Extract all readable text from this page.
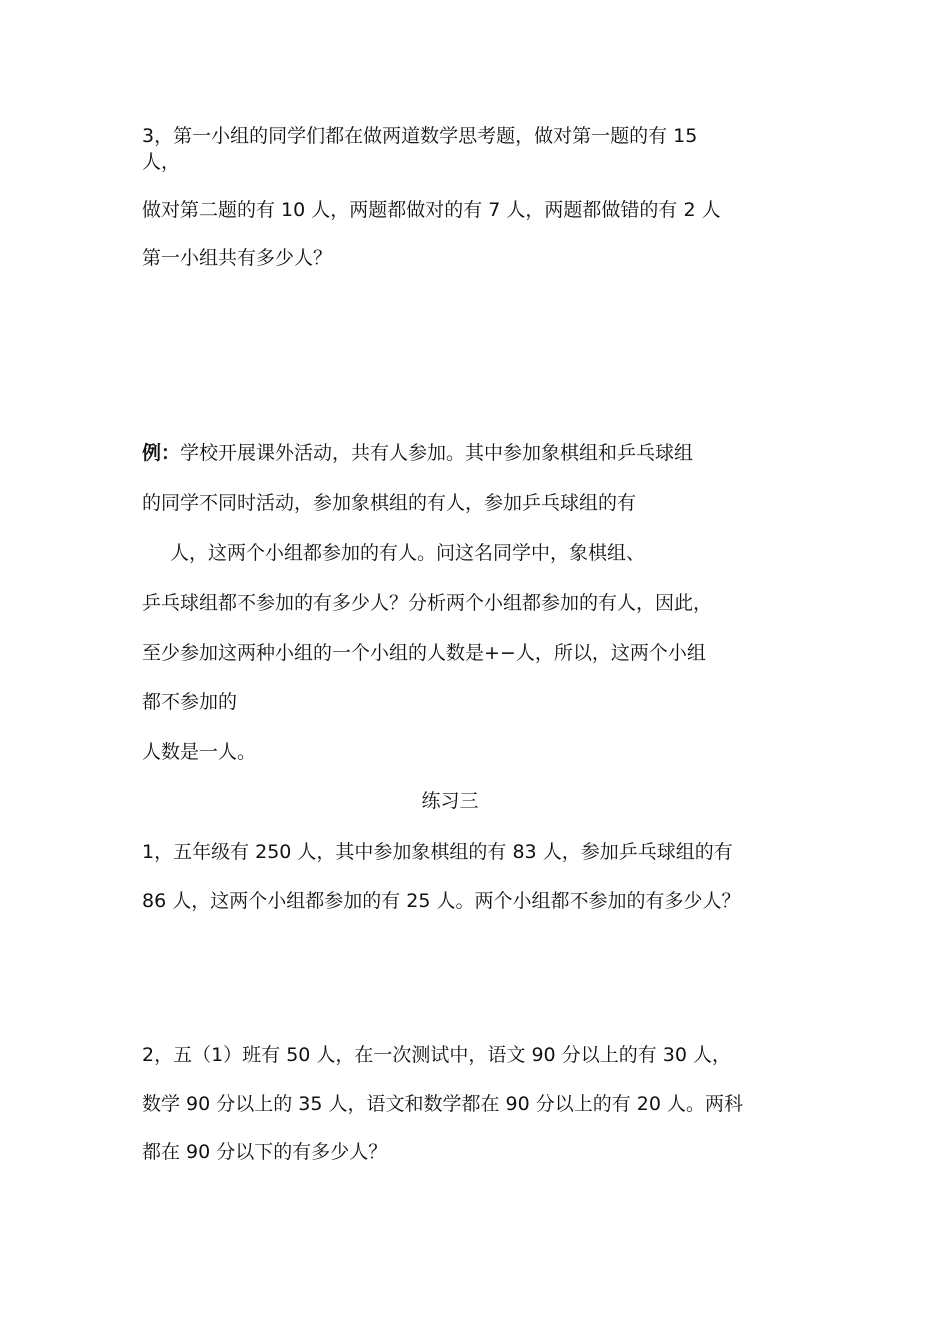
3，第一小组的同学们都在做两道数学思考题，做对第一题的有 15

人，

做对第二题的有 10 人，两题都做对的有 7 人，两题都做错的有 2 人

第一小组共有多少人？

例：学校开展课外活动，共有人参加。其中参加象棋组和乒乓球组

的同学不同时活动，参加象棋组的有人，参加乒乓球组的有

人，这两个小组都参加的有人。问这名同学中，象棋组、

乒乓球组都不参加的有多少人？分析两个小组都参加的有人，因此，

至少参加这两种小组的一个小组的人数是+−人，所以，这两个小组

都不参加的

人数是一人。

练习三

1，五年级有 250 人，其中参加象棋组的有 83 人，参加乒乓球组的有

86 人，这两个小组都参加的有 25 人。两个小组都不参加的有多少人？

2，五（1）班有 50 人，在一次测试中，语文 90 分以上的有 30 人，

数学 90 分以上的 35 人，语文和数学都在 90 分以上的有 20 人。两科

都在 90 分以下的有多少人？
